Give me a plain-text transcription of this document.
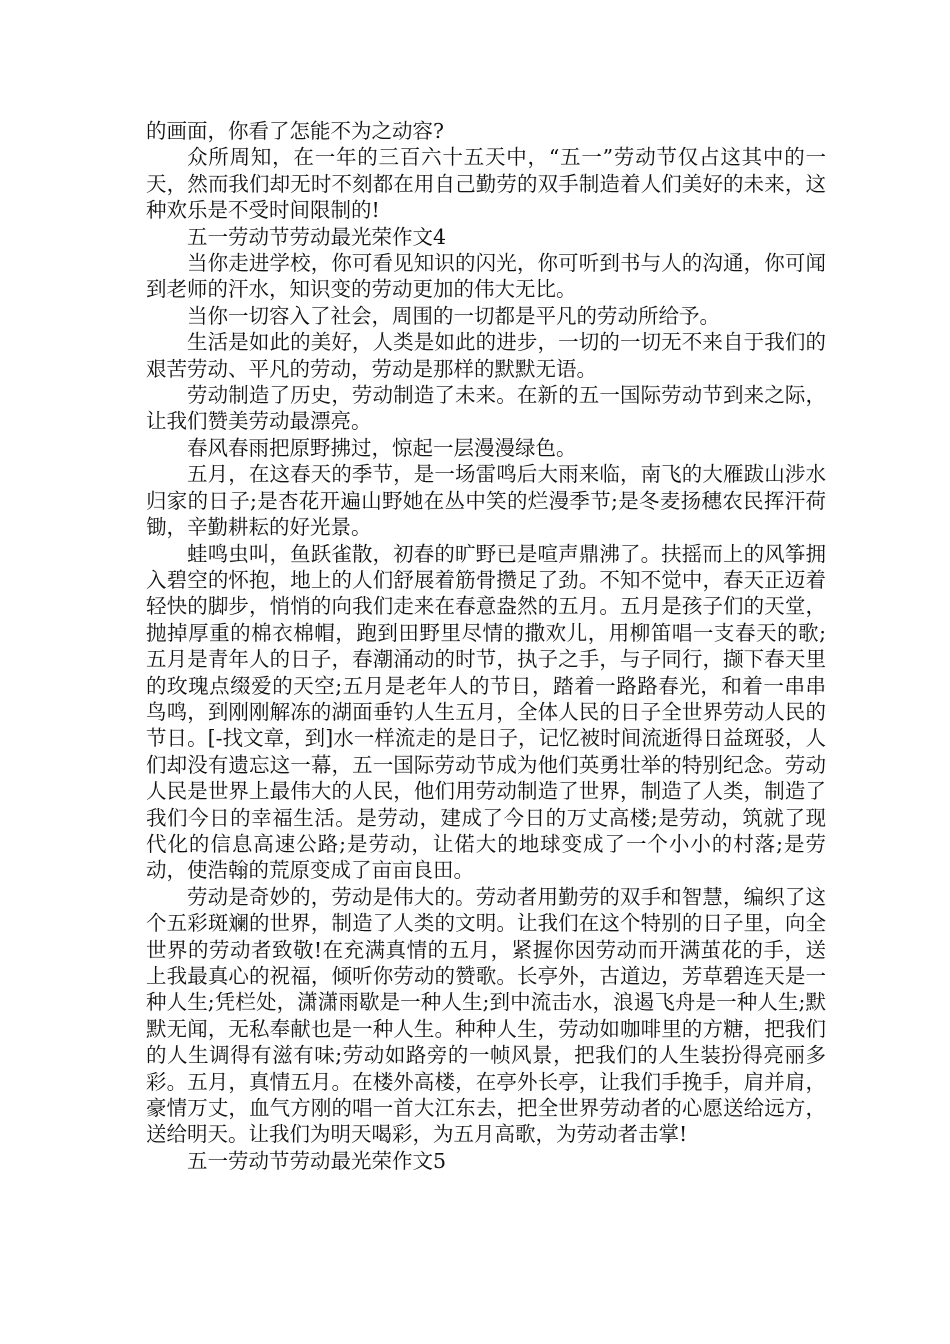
的画面，你看了怎能不为之动容?

众所周知，在一年的三百六十五天中，“五一”劳动节仅占这其中的一天，然而我们却无时不刻都在用自己勤劳的双手制造着人们美好的未来，这种欢乐是不受时间限制的!

五一劳动节劳动最光荣作文4

当你走进学校，你可看见知识的闪光，你可听到书与人的沟通，你可闻到老师的汗水，知识变的劳动更加的伟大无比。

当你一切容入了社会，周围的一切都是平凡的劳动所给予。

生活是如此的美好，人类是如此的进步，一切的一切无不来自于我们的艰苦劳动、平凡的劳动，劳动是那样的默默无语。

劳动制造了历史，劳动制造了未来。在新的五一国际劳动节到来之际，让我们赞美劳动最漂亮。

春风春雨把原野拂过，惊起一层漫漫绿色。

五月，在这春天的季节，是一场雷鸣后大雨来临，南飞的大雁跋山涉水归家的日子;是杏花开遍山野她在丛中笑的烂漫季节;是冬麦扬穗农民挥汗荷锄，辛勤耕耘的好光景。

蛙鸣虫叫，鱼跃雀散，初春的旷野已是喧声鼎沸了。扶摇而上的风筝拥入碧空的怀抱，地上的人们舒展着筋骨攒足了劲。不知不觉中，春天正迈着轻快的脚步，悄悄的向我们走来在春意盎然的五月。五月是孩子们的天堂，抛掉厚重的棉衣棉帽，跑到田野里尽情的撒欢儿，用柳笛唱一支春天的歌;五月是青年人的日子，春潮涌动的时节，执子之手，与子同行，撷下春天里的玫瑰点缀爱的天空;五月是老年人的节日，踏着一路路春光，和着一串串鸟鸣，到刚刚解冻的湖面垂钓人生五月，全体人民的日子全世界劳动人民的节日。[-找文章，到]水一样流走的是日子，记忆被时间流逝得日益斑驳，人们却没有遗忘这一幕，五一国际劳动节成为他们英勇壮举的特别纪念。劳动人民是世界上最伟大的人民，他们用劳动制造了世界，制造了人类，制造了我们今日的幸福生活。是劳动，建成了今日的万丈高楼;是劳动，筑就了现代化的信息高速公路;是劳动，让偌大的地球变成了一个小小的村落;是劳动，使浩翰的荒原变成了亩亩良田。

劳动是奇妙的，劳动是伟大的。劳动者用勤劳的双手和智慧，编织了这个五彩斑斓的世界，制造了人类的文明。让我们在这个特别的日子里，向全世界的劳动者致敬!在充满真情的五月，紧握你因劳动而开满茧花的手，送上我最真心的祝福，倾听你劳动的赞歌。长亭外，古道边，芳草碧连天是一种人生;凭栏处，潇潇雨歇是一种人生;到中流击水，浪遏飞舟是一种人生;默默无闻，无私奉献也是一种人生。种种人生，劳动如咖啡里的方糖，把我们的人生调得有滋有味;劳动如路旁的一帧风景，把我们的人生装扮得亮丽多彩。五月，真情五月。在楼外高楼，在亭外长亭，让我们手挽手，肩并肩，豪情万丈，血气方刚的唱一首大江东去，把全世界劳动者的心愿送给远方，送给明天。让我们为明天喝彩，为五月高歌，为劳动者击掌!

五一劳动节劳动最光荣作文5
